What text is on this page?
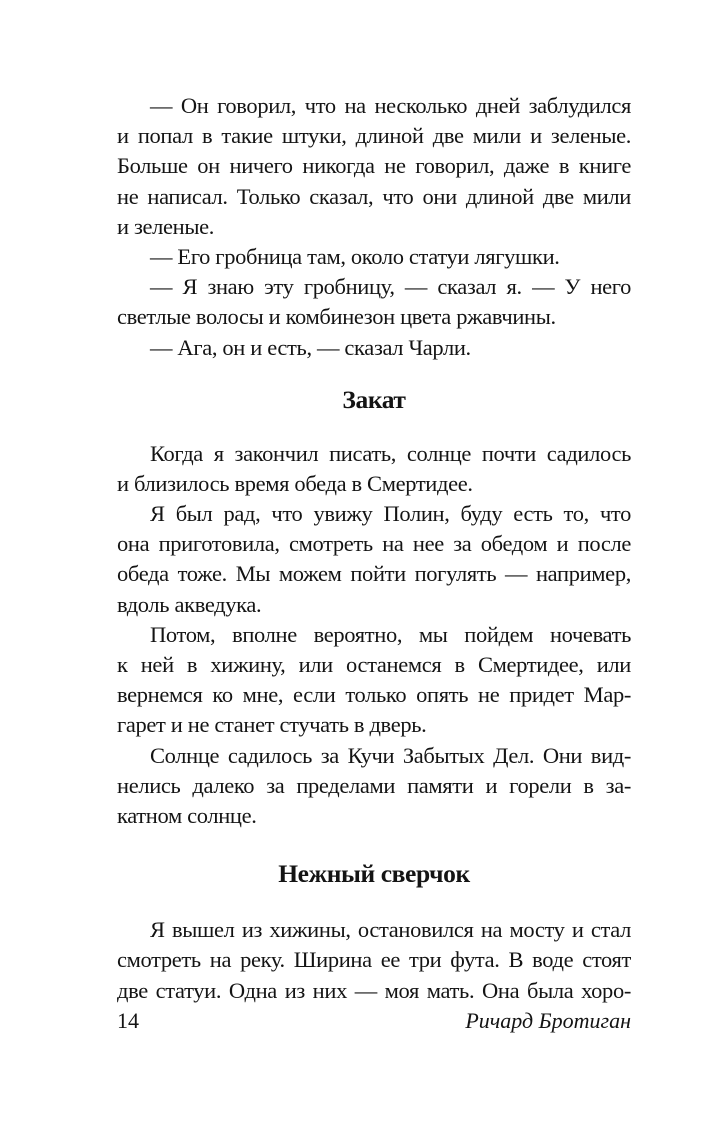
— Он говорил, что на несколько дней заблудился
и попал в такие штуки, длиной две мили и зеленые.
Больше он ничего никогда не говорил, даже в книге
не написал. Только сказал, что они длиной две мили
и зеленые.
— Его гробница там, около статуи лягушки.
— Я знаю эту гробницу, — сказал я. — У него
светлые волосы и комбинезон цвета ржавчины.
— Ага, он и есть, — сказал Чарли.
Закат
Когда я закончил писать, солнце почти садилось
и близилось время обеда в Смертидее.
Я был рад, что увижу Полин, буду есть то, что
она приготовила, смотреть на нее за обедом и после
обеда тоже. Мы можем пойти погулять — например,
вдоль акведука.
Потом, вполне вероятно, мы пойдем ночевать
к ней в хижину, или останемся в Смертидее, или
вернемся ко мне, если только опять не придет Мар-
гарет и не станет стучать в дверь.
Солнце садилось за Кучи Забытых Дел. Они вид-
нелись далеко за пределами памяти и горели в за-
катном солнце.
Нежный сверчок
Я вышел из хижины, остановился на мосту и стал
смотреть на реку. Ширина ее три фута. В воде стоят
две статуи. Одна из них — моя мать. Она была хоро-
14	Ричард Бротиган
